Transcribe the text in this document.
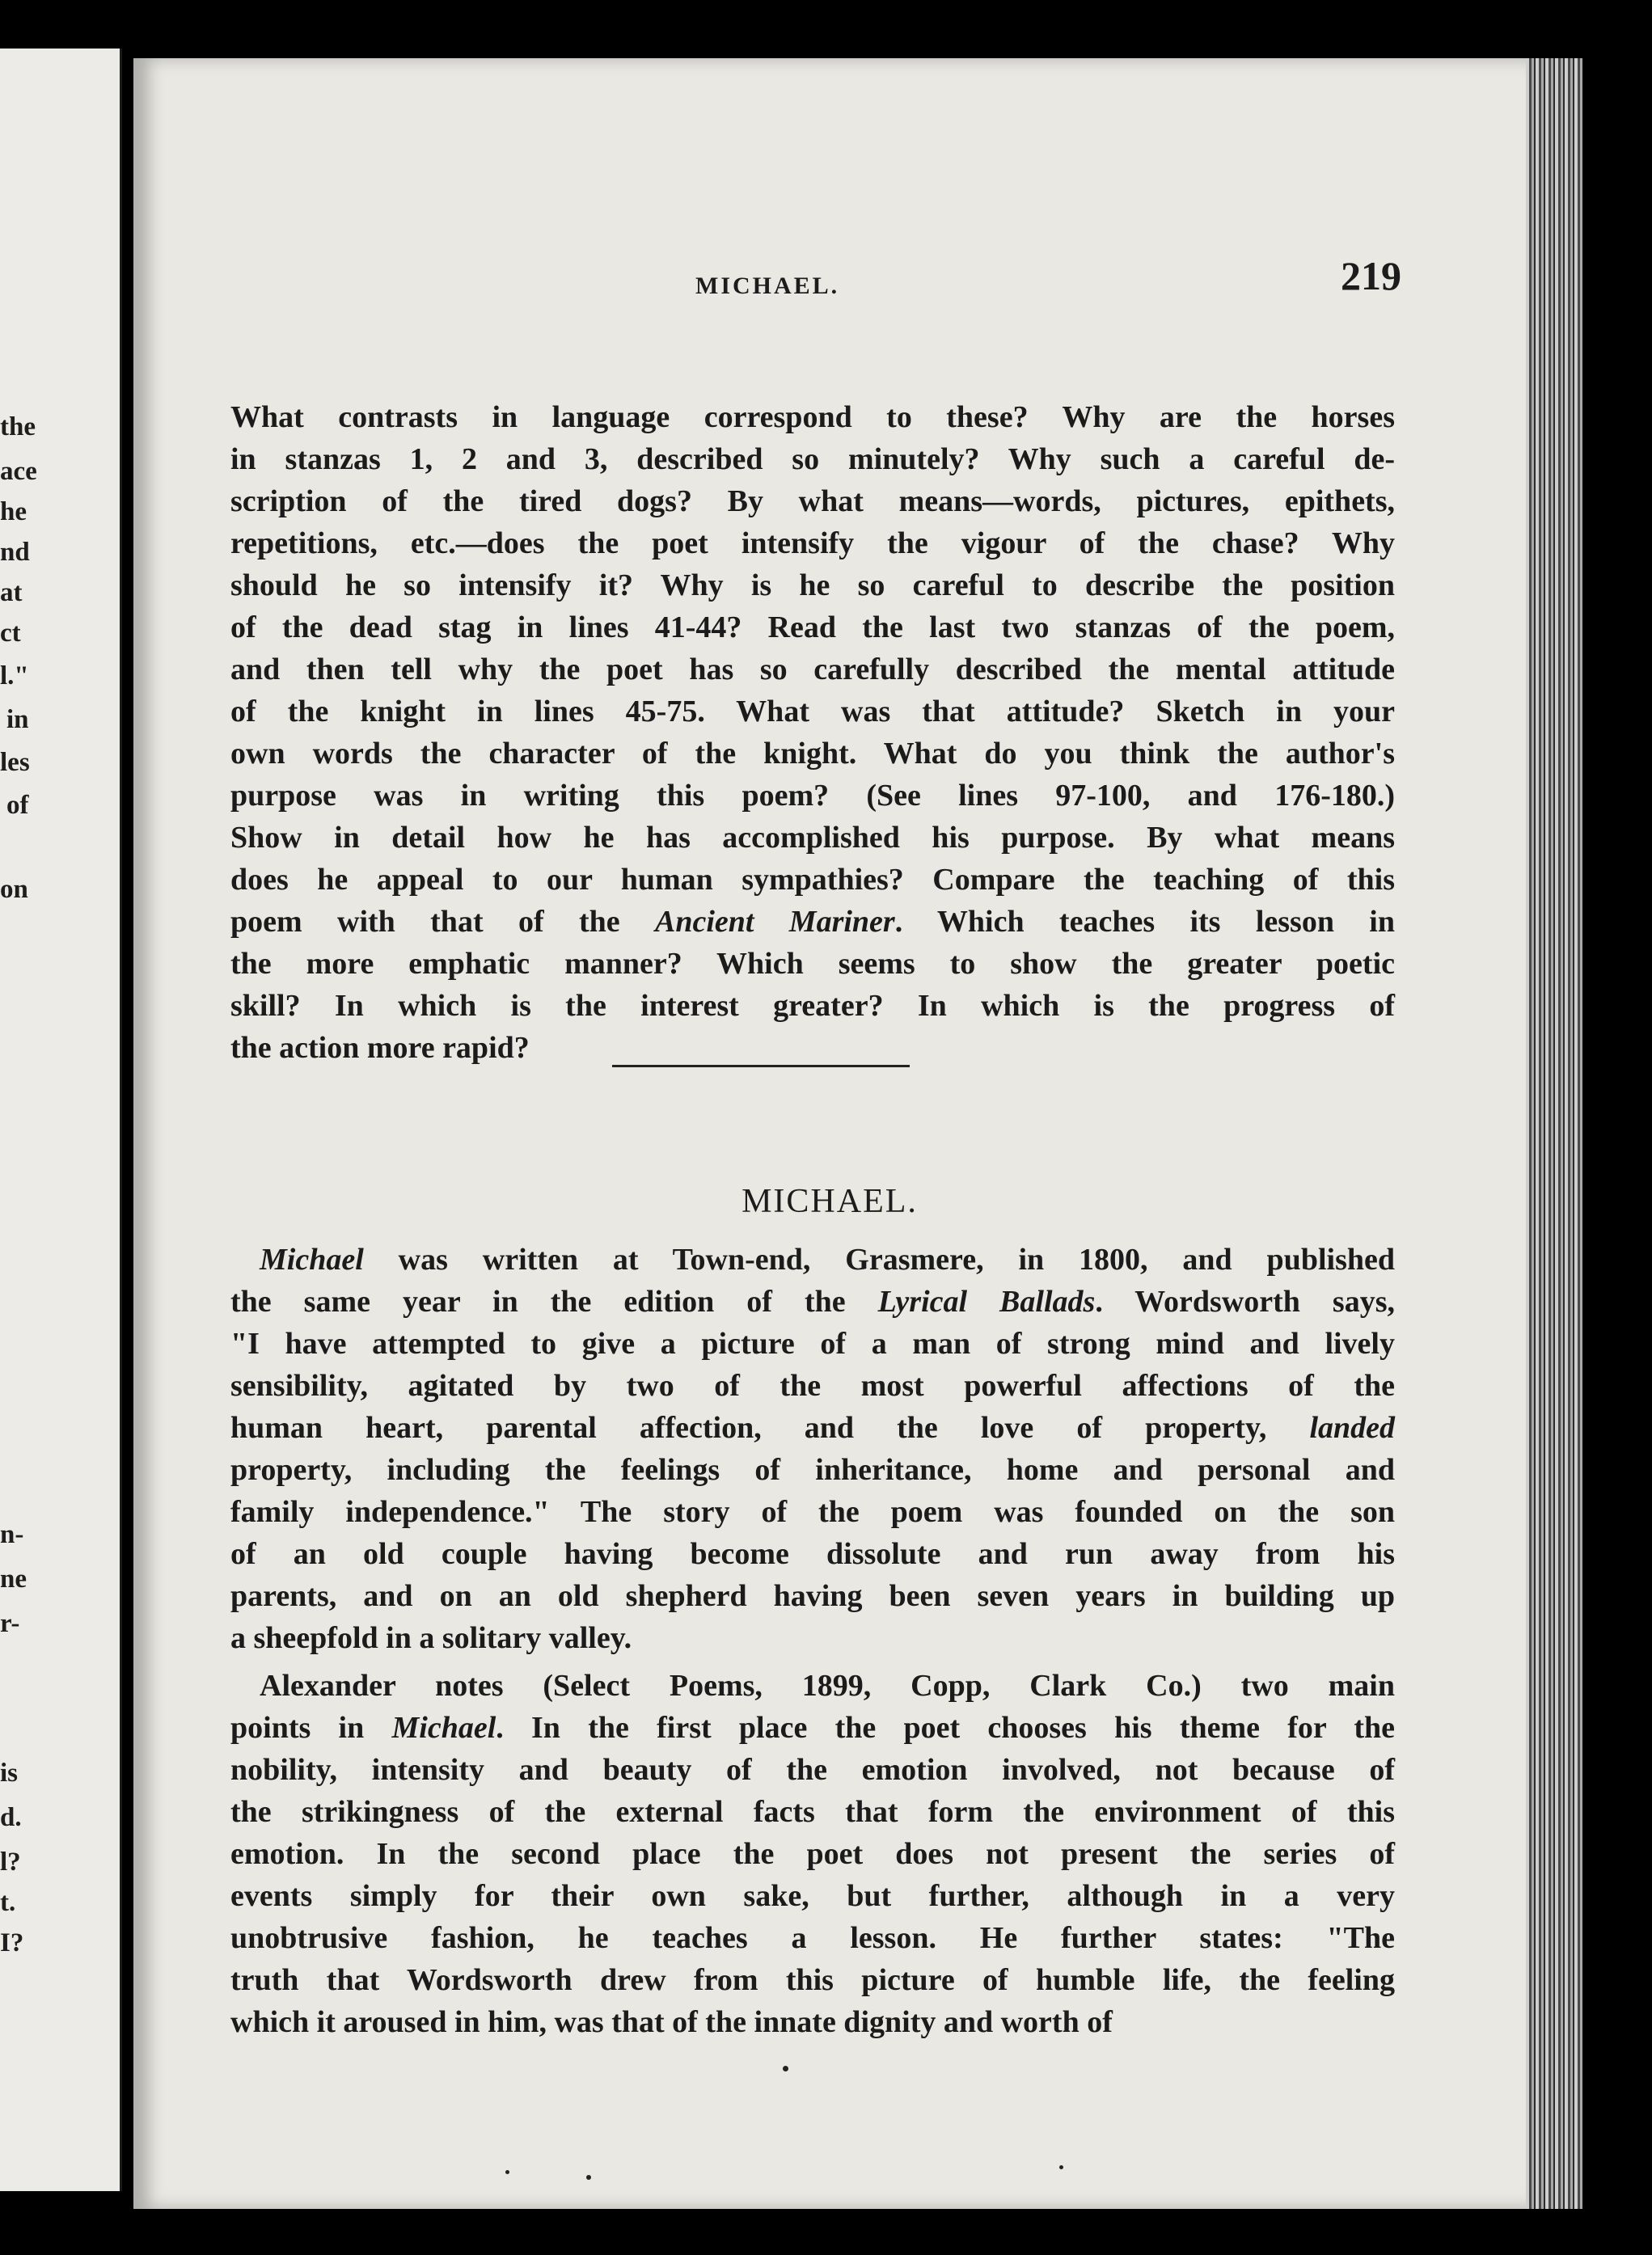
the
ace
he
nd
at
ct
l."
in
les
of
on
n-
ne
r-
is
d.
l?
t.
I?
MICHAEL.	219
What contrasts in language correspond to these? Why are the horses
in stanzas 1, 2 and 3, described so minutely? Why such a careful de-
scription of the tired dogs? By what means—words, pictures, epithets,
repetitions, etc.—does the poet intensify the vigour of the chase? Why
should he so intensify it? Why is he so careful to describe the position
of the dead stag in lines 41-44? Read the last two stanzas of the poem,
and then tell why the poet has so carefully described the mental attitude
of the knight in lines 45-75. What was that attitude? Sketch in your
own words the character of the knight. What do you think the author's
purpose was in writing this poem? (See lines 97-100, and 176-180.)
Show in detail how he has accomplished his purpose. By what means
does he appeal to our human sympathies? Compare the teaching of this
poem with that of the Ancient Mariner. Which teaches its lesson in
the more emphatic manner? Which seems to show the greater poetic
skill? In which is the interest greater? In which is the progress of
the action more rapid?
MICHAEL.
Michael was written at Town-end, Grasmere, in 1800, and published
the same year in the edition of the Lyrical Ballads. Wordsworth says,
"I have attempted to give a picture of a man of strong mind and lively
sensibility, agitated by two of the most powerful affections of the
human heart, parental affection, and the love of property, landed
property, including the feelings of inheritance, home and personal and
family independence." The story of the poem was founded on the son
of an old couple having become dissolute and run away from his
parents, and on an old shepherd having been seven years in building up
a sheepfold in a solitary valley.
Alexander notes (Select Poems, 1899, Copp, Clark Co.) two main
points in Michael. In the first place the poet chooses his theme for the
nobility, intensity and beauty of the emotion involved, not because of
the strikingness of the external facts that form the environment of this
emotion. In the second place the poet does not present the series of
events simply for their own sake, but further, although in a very
unobtrusive fashion, he teaches a lesson. He further states: "The
truth that Wordsworth drew from this picture of humble life, the feeling
which it aroused in him, was that of the innate dignity and worth of
